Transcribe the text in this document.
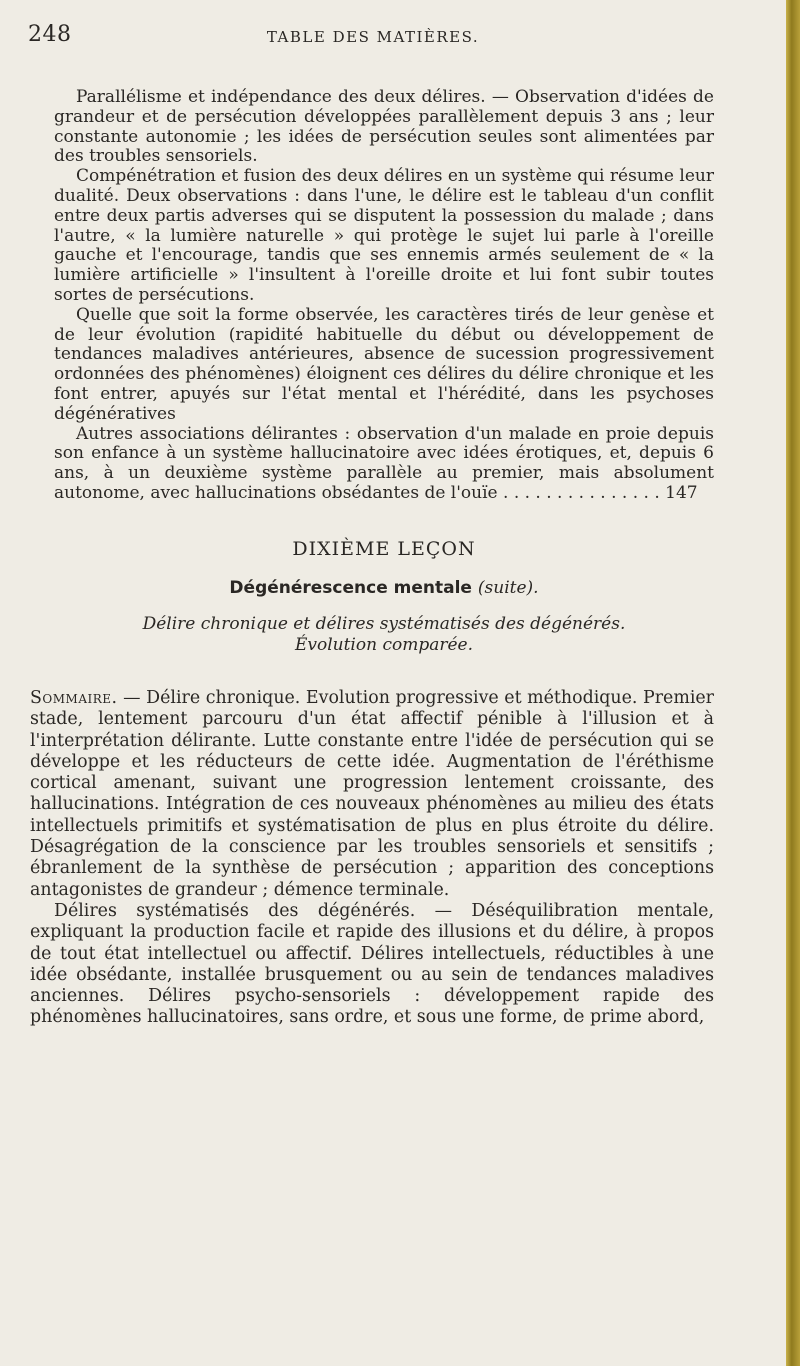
248	TABLE DES MATIÈRES.

Parallélisme et indépendance des deux délires. — Observation d'idées de grandeur et de persécution développées parallèlement depuis 3 ans ; leur constante autonomie ; les idées de persécution seules sont alimentées par des troubles sensoriels.

Compénétration et fusion des deux délires en un système qui résume leur dualité. Deux observations : dans l'une, le délire est le tableau d'un conflit entre deux partis adverses qui se disputent la possession du malade ; dans l'autre, « la lumière naturelle » qui protège le sujet lui parle à l'oreille gauche et l'encourage, tandis que ses ennemis armés seulement de « la lumière artificielle » l'insultent à l'oreille droite et lui font subir toutes sortes de persécutions.

Quelle que soit la forme observée, les caractères tirés de leur genèse et de leur évolution (rapidité habituelle du début ou développement de tendances maladives antérieures, absence de sucession progressivement ordonnées des phénomènes) éloignent ces délires du délire chronique et les font entrer, apuyés sur l'état mental et l'hérédité, dans les psychoses dégénératives

Autres associations délirantes : observation d'un malade en proie depuis son enfance à un système hallucinatoire avec idées érotiques, et, depuis 6 ans, à un deuxième système parallèle au premier, mais absolument autonome, avec hallucinations obsédantes de l'ouïe . . . . . . . . . . . . . . . 147

DIXIÈME LEÇON
Dégénérescence mentale (suite).
Délire chronique et délires systématisés des dégénérés.
Évolution comparée.

Sommaire. — Délire chronique. Evolution progressive et méthodique. Premier stade, lentement parcouru d'un état affectif pénible à l'illusion et à l'interprétation délirante. Lutte constante entre l'idée de persécution qui se développe et les réducteurs de cette idée. Augmentation de l'éréthisme cortical amenant, suivant une progression lentement croissante, des hallucinations. Intégration de ces nouveaux phénomènes au milieu des états intellectuels primitifs et systématisation de plus en plus étroite du délire. Désagrégation de la conscience par les troubles sensoriels et sensitifs ; ébranlement de la synthèse de persécution ; apparition des conceptions antagonistes de grandeur ; démence terminale.

Délires systématisés des dégénérés. — Déséquilibration mentale, expliquant la production facile et rapide des illusions et du délire, à propos de tout état intellectuel ou affectif. Délires intellectuels, réductibles à une idée obsédante, installée brusquement ou au sein de tendances maladives anciennes. Délires psycho-sensoriels : développement rapide des phénomènes hallucinatoires, sans ordre, et sous une forme, de prime abord,
